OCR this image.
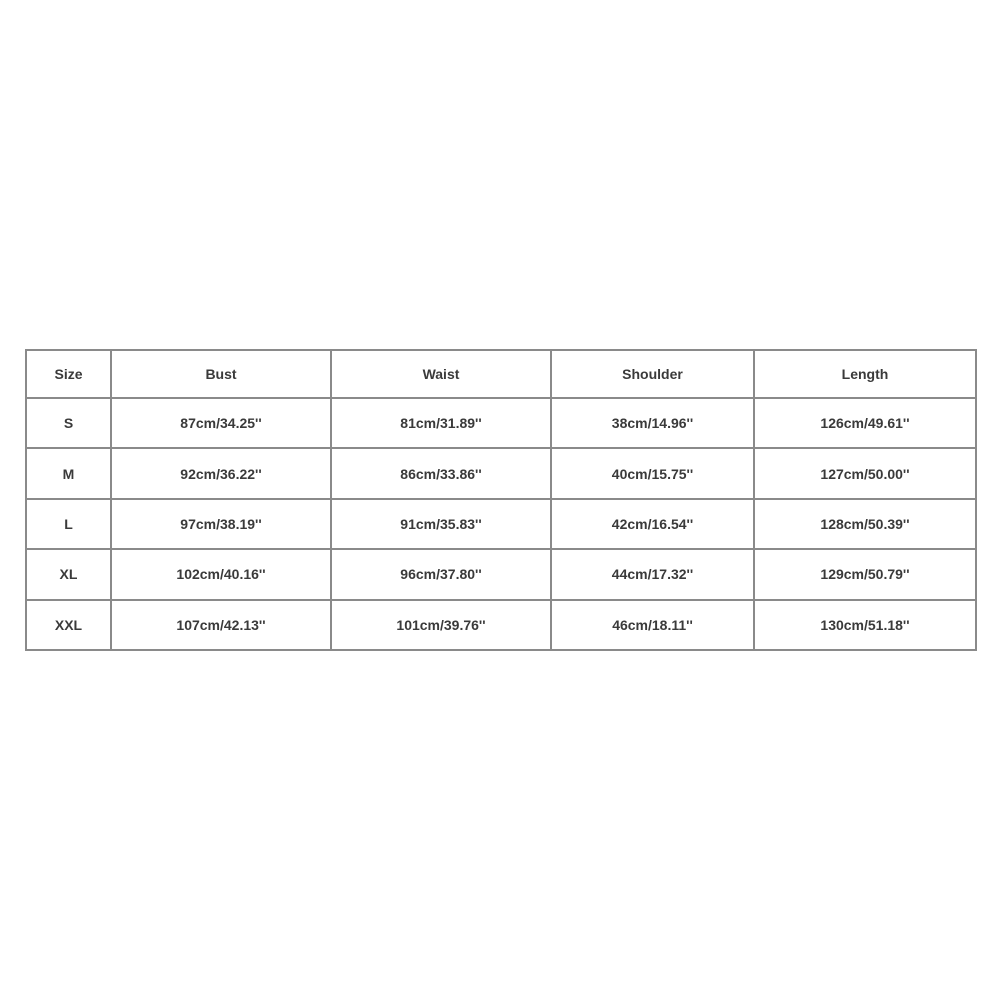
Size	Bust	Waist	Shoulder	Length
S	87cm/34.25''	81cm/31.89''	38cm/14.96''	126cm/49.61''
M	92cm/36.22''	86cm/33.86''	40cm/15.75''	127cm/50.00''
L	97cm/38.19''	91cm/35.83''	42cm/16.54''	128cm/50.39''
XL	102cm/40.16''	96cm/37.80''	44cm/17.32''	129cm/50.79''
XXL	107cm/42.13''	101cm/39.76''	46cm/18.11''	130cm/51.18''
